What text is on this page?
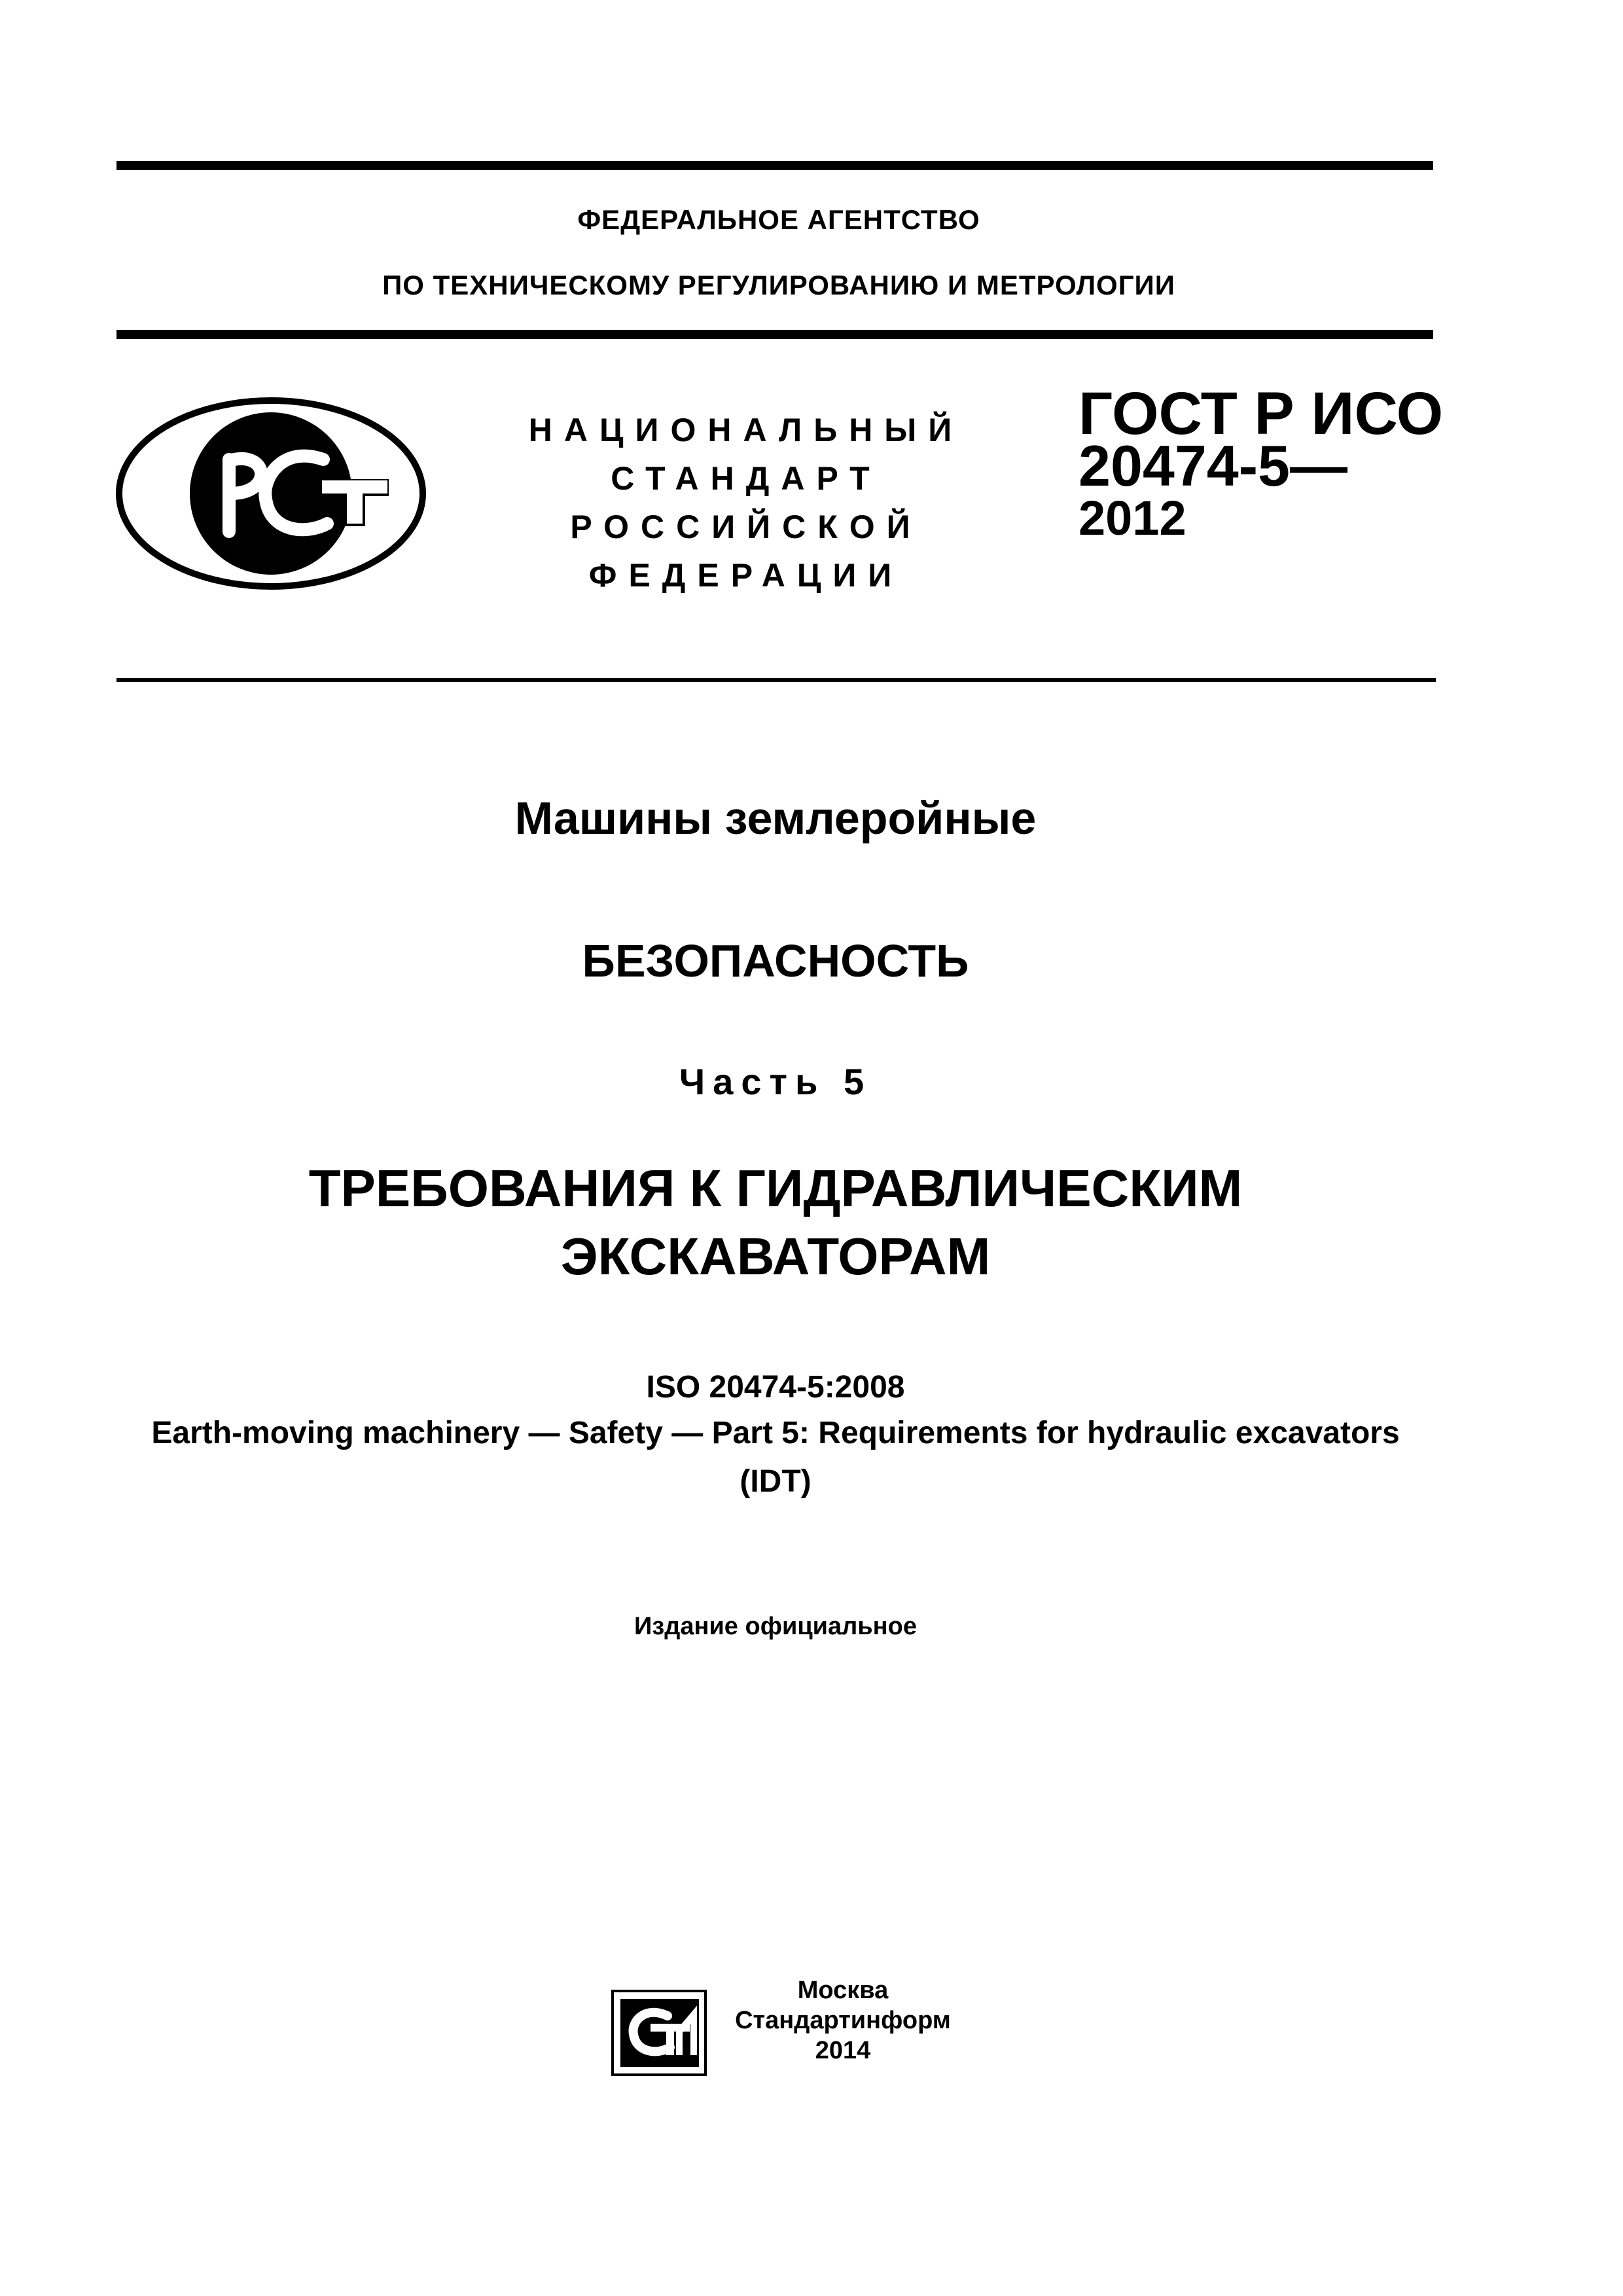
ФЕДЕРАЛЬНОЕ АГЕНТСТВО
ПО ТЕХНИЧЕСКОМУ РЕГУЛИРОВАНИЮ И МЕТРОЛОГИИ
НАЦИОНАЛЬНЫЙ
СТАНДАРТ
РОССИЙСКОЙ
ФЕДЕРАЦИИ
ГОСТ Р ИСО
20474-5—
2012
Машины землеройные
БЕЗОПАСНОСТЬ
Часть 5
ТРЕБОВАНИЯ К ГИДРАВЛИЧЕСКИМ
ЭКСКАВАТОРАМ
ISO 20474-5:2008
Earth-moving machinery — Safety — Part 5: Requirements for hydraulic excavators
(IDT)
Издание официальное
Москва
Стандартинформ
2014
